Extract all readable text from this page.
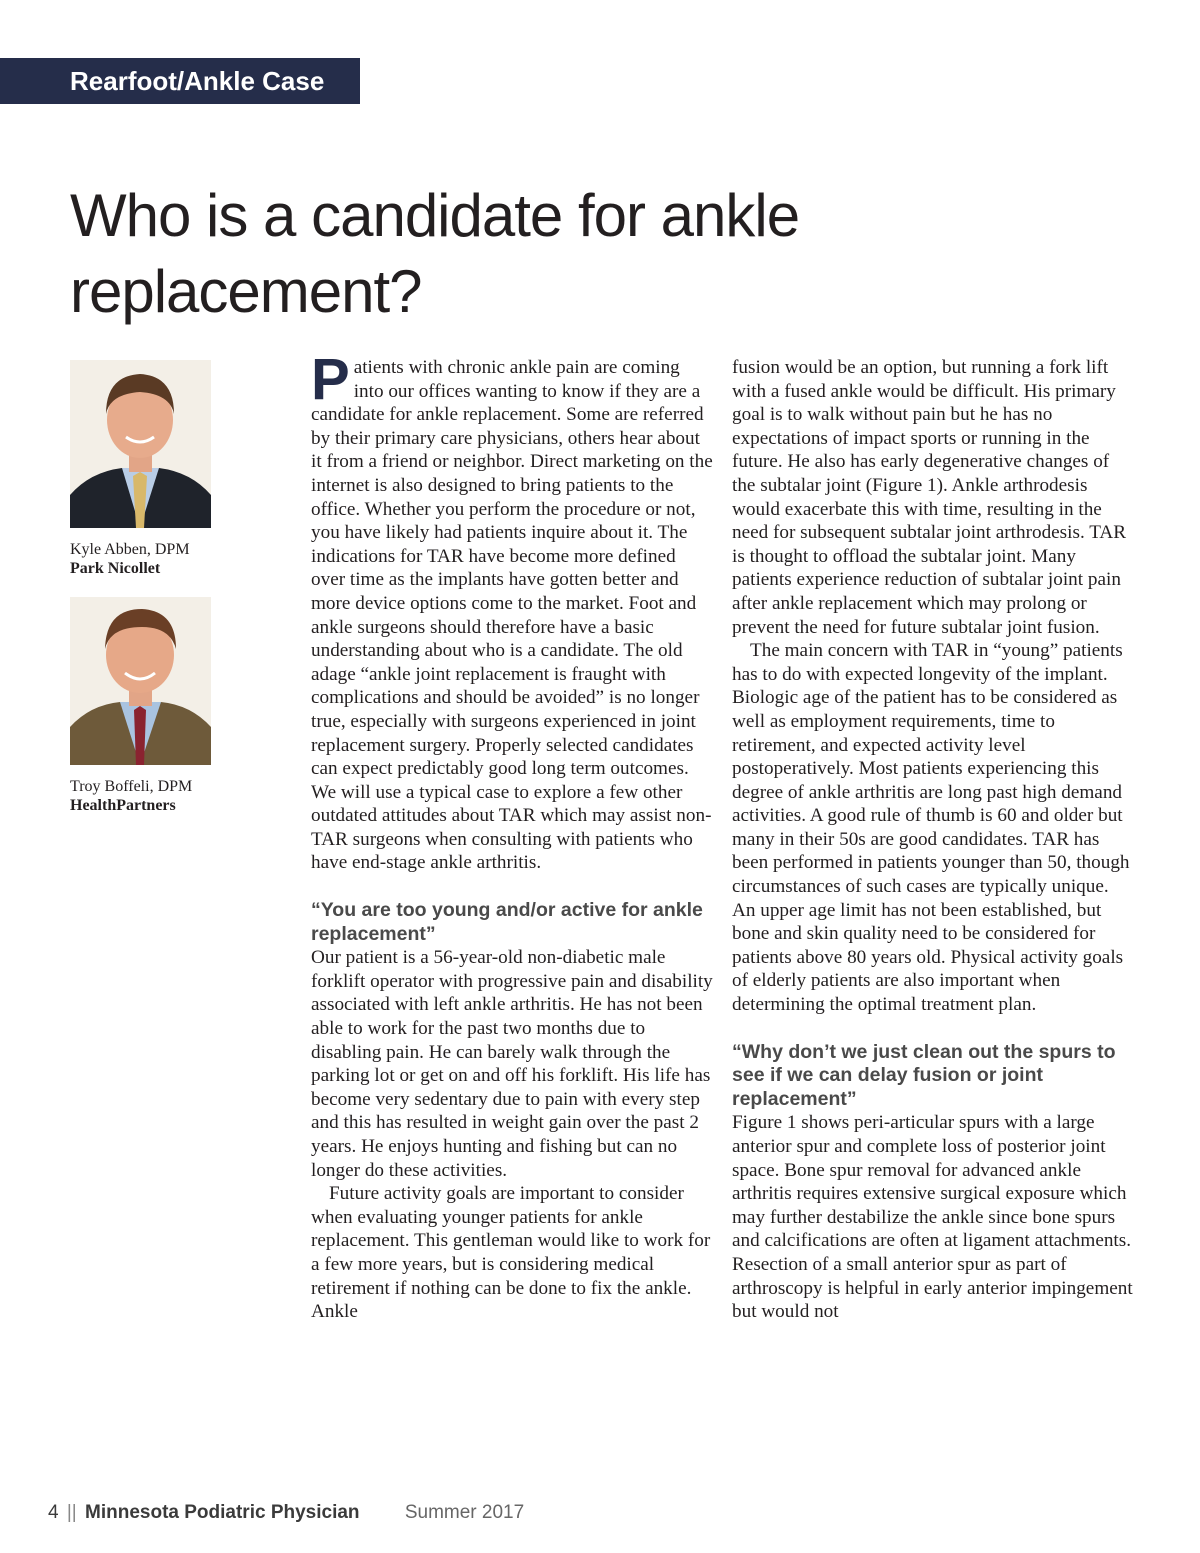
Rearfoot/Ankle Case
Who is a candidate for ankle replacement?
Kyle Abben, DPM
Park Nicollet
Troy Boffeli, DPM
HealthPartners

Patients with chronic ankle pain are coming into our offices wanting to know if they are a candidate for ankle replacement. Some are referred by their primary care physicians, others hear about it from a friend or neighbor. Direct marketing on the internet is also designed to bring patients to the office. Whether you perform the procedure or not, you have likely had patients inquire about it. The indications for TAR have become more defined over time as the implants have gotten better and more device options come to the market. Foot and ankle surgeons should therefore have a basic understanding about who is a candidate. The old adage “ankle joint replacement is fraught with complications and should be avoided” is no longer true, especially with surgeons experienced in joint replacement surgery. Properly selected candidates can expect predictably good long term outcomes. We will use a typical case to explore a few other outdated attitudes about TAR which may assist non-TAR surgeons when consulting with patients who have end-stage ankle arthritis.

“You are too young and/or active for ankle replacement”

Our patient is a 56-year-old non-diabetic male forklift operator with progressive pain and disability associated with left ankle arthritis. He has not been able to work for the past two months due to disabling pain. He can barely walk through the parking lot or get on and off his forklift. His life has become very sedentary due to pain with every step and this has resulted in weight gain over the past 2 years. He enjoys hunting and fishing but can no longer do these activities.

Future activity goals are important to consider when evaluating younger patients for ankle replacement. This gentleman would like to work for a few more years, but is considering medical retirement if nothing can be done to fix the ankle. Ankle

fusion would be an option, but running a fork lift with a fused ankle would be difficult. His primary goal is to walk without pain but he has no expectations of impact sports or running in the future. He also has early degenerative changes of the subtalar joint (Figure 1). Ankle arthrodesis would exacerbate this with time, resulting in the need for subsequent subtalar joint arthrodesis. TAR is thought to offload the subtalar joint. Many patients experience reduction of subtalar joint pain after ankle replacement which may prolong or prevent the need for future subtalar joint fusion.

The main concern with TAR in “young” patients has to do with expected longevity of the implant. Biologic age of the patient has to be considered as well as employment requirements, time to retirement, and expected activity level postoperatively. Most patients experiencing this degree of ankle arthritis are long past high demand activities. A good rule of thumb is 60 and older but many in their 50s are good candidates. TAR has been performed in patients younger than 50, though circumstances of such cases are typically unique. An upper age limit has not been established, but bone and skin quality need to be considered for patients above 80 years old. Physical activity goals of elderly patients are also important when determining the optimal treatment plan.

“Why don’t we just clean out the spurs to see if we can delay fusion or joint replacement”

Figure 1 shows peri-articular spurs with a large anterior spur and complete loss of posterior joint space. Bone spur removal for advanced ankle arthritis requires extensive surgical exposure which may further destabilize the ankle since bone spurs and calcifications are often at ligament attachments. Resection of a small anterior spur as part of arthroscopy is helpful in early anterior impingement but would not

4 || Minnesota Podiatric Physician Summer 2017
